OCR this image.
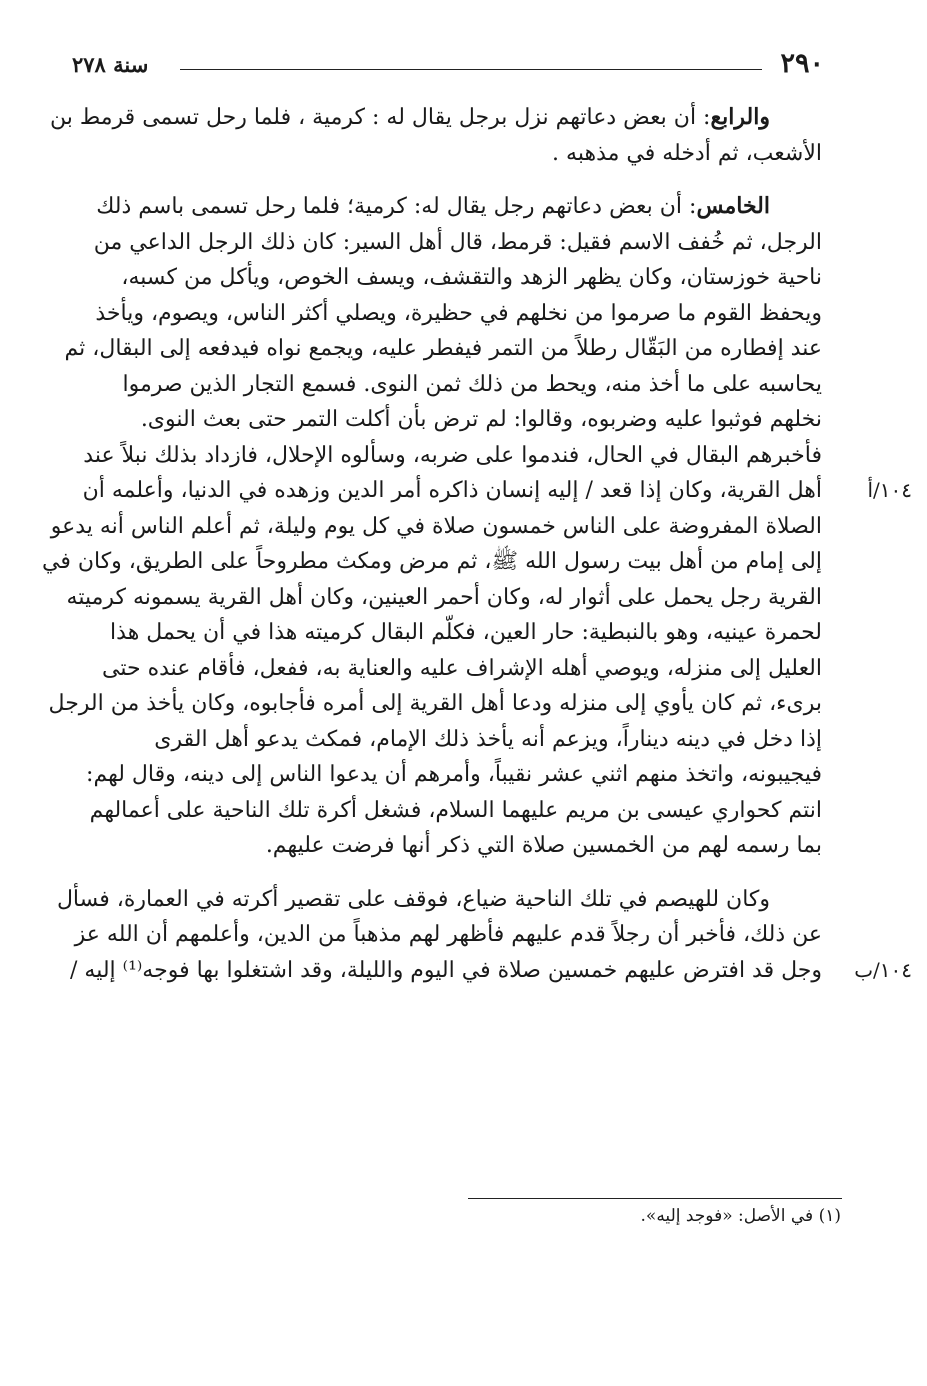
٢٩٠
سنة ٢٧٨
والرابع: أن بعض دعاتهم نزل برجل يقال له : كرمية ، فلما رحل تسمى قرمط بن
الأشعب، ثم أدخله في مذهبه .
الخامس: أن بعض دعاتهم رجل يقال له: كرمية؛ فلما رحل تسمى باسم ذلك
الرجل، ثم خُفف الاسم فقيل: قرمط، قال أهل السير: كان ذلك الرجل الداعي من
ناحية خوزستان، وكان يظهر الزهد والتقشف، ويسف الخوص، ويأكل من كسبه،
ويحفظ القوم ما صرموا من نخلهم في حظيرة، ويصلي أكثر الناس، ويصوم، ويأخذ
عند إفطاره من البَقّال رطلاً من التمر فيفطر عليه، ويجمع نواه فيدفعه إلى البقال، ثم
يحاسبه على ما أخذ منه، ويحط من ذلك ثمن النوى. فسمع التجار الذين صرموا
نخلهم فوثبوا عليه وضربوه، وقالوا: لم ترض بأن أكلت التمر حتى بعث النوى.
فأخبرهم البقال في الحال، فندموا على ضربه، وسألوه الإحلال، فازداد بذلك نبلاً عند
أهل القرية، وكان إذا قعد / إليه إنسان ذاكره أمر الدين وزهده في الدنيا، وأعلمه أن ١٠٤/أ
الصلاة المفروضة على الناس خمسون صلاة في كل يوم وليلة، ثم أعلم الناس أنه يدعو
إلى إمام من أهل بيت رسول الله ﷺ، ثم مرض ومكث مطروحاً على الطريق، وكان في
القرية رجل يحمل على أثوار له، وكان أحمر العينين، وكان أهل القرية يسمونه كرميته
لحمرة عينيه، وهو بالنبطية: حار العين، فكلّم البقال كرميته هذا في أن يحمل هذا
العليل إلى منزله، ويوصي أهله الإشراف عليه والعناية به، ففعل، فأقام عنده حتى
برىء، ثم كان يأوي إلى منزله ودعا أهل القرية إلى أمره فأجابوه، وكان يأخذ من الرجل
إذا دخل في دينه ديناراً، ويزعم أنه يأخذ ذلك الإمام، فمكث يدعو أهل القرى
فيجيبونه، واتخذ منهم اثني عشر نقيباً، وأمرهم أن يدعوا الناس إلى دينه، وقال لهم:
انتم كحواري عيسى بن مريم عليهما السلام، فشغل أكرة تلك الناحية على أعمالهم
بما رسمه لهم من الخمسين صلاة التي ذكر أنها فرضت عليهم.
وكان للهيصم في تلك الناحية ضياع، فوقف على تقصير أكرته في العمارة، فسأل
عن ذلك، فأخبر أن رجلاً قدم عليهم فأظهر لهم مذهباً من الدين، وأعلمهم أن الله عز
وجل قد افترض عليهم خمسين صلاة في اليوم والليلة، وقد اشتغلوا بها فوجه⁽¹⁾ إليه / ١٠٤/ب
(١) في الأصل: «فوجد إليه».
